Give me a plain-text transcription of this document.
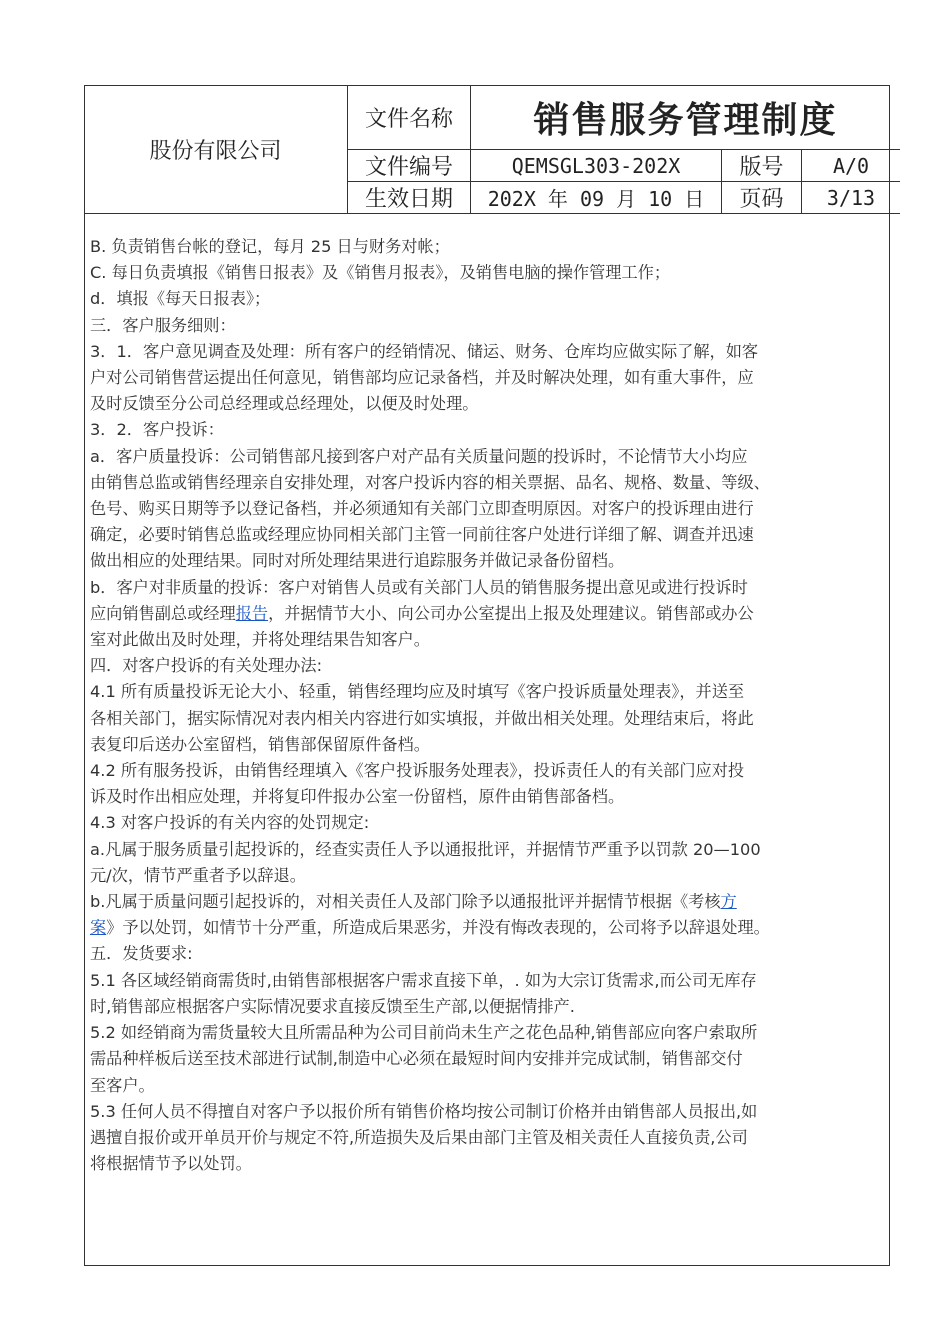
股份有限公司
文件名称	销售服务管理制度
文件编号	QEMSGL303-202X	版号	A/0
生效日期	202X 年 09 月 10 日	页码	3/13

B. 负责销售台帐的登记，每月 25 日与财务对帐；

C. 每日负责填报《销售日报表》及《销售月报表》，及销售电脑的操作管理工作；

d．填报《每天日报表》；

三．客户服务细则：

3．1．客户意见调查及处理：所有客户的经销情况、储运、财务、仓库均应做实际了解，如客

户对公司销售营运提出任何意见，销售部均应记录备档，并及时解决处理，如有重大事件，应

及时反馈至分公司总经理或总经理处，以便及时处理。

3．2．客户投诉：

a．客户质量投诉：公司销售部凡接到客户对产品有关质量问题的投诉时，不论情节大小均应

由销售总监或销售经理亲自安排处理，对客户投诉内容的相关票据、品名、规格、数量、等级、

色号、购买日期等予以登记备档，并必须通知有关部门立即查明原因。对客户的投诉理由进行

确定，必要时销售总监或经理应协同相关部门主管一同前往客户处进行详细了解、调查并迅速

做出相应的处理结果。同时对所处理结果进行追踪服务并做记录备份留档。

b．客户对非质量的投诉：客户对销售人员或有关部门人员的销售服务提出意见或进行投诉时

应向销售副总或经理报告，并据情节大小、向公司办公室提出上报及处理建议。销售部或办公

室对此做出及时处理，并将处理结果告知客户。

四．对客户投诉的有关处理办法:

4.1 所有质量投诉无论大小、轻重，销售经理均应及时填写《客户投诉质量处理表》，并送至

各相关部门，据实际情况对表内相关内容进行如实填报，并做出相关处理。处理结束后，将此

表复印后送办公室留档，销售部保留原件备档。

4.2 所有服务投诉，由销售经理填入《客户投诉服务处理表》，投诉责任人的有关部门应对投

诉及时作出相应处理，并将复印件报办公室一份留档，原件由销售部备档。

4.3 对客户投诉的有关内容的处罚规定:

a.凡属于服务质量引起投诉的，经查实责任人予以通报批评，并据情节严重予以罚款 20—100

元/次，情节严重者予以辞退。

b.凡属于质量问题引起投诉的，对相关责任人及部门除予以通报批评并据情节根据《考核方

案》予以处罚，如情节十分严重，所造成后果恶劣，并没有悔改表现的，公司将予以辞退处理。

五．发货要求:

5.1 各区域经销商需货时,由销售部根据客户需求直接下单，. 如为大宗订货需求,而公司无库存

时,销售部应根据客户实际情况要求直接反馈至生产部,以便据情排产.

5.2 如经销商为需货量较大且所需品种为公司目前尚未生产之花色品种,销售部应向客户索取所

需品种样板后送至技术部进行试制,制造中心必须在最短时间内安排并完成试制，销售部交付

至客户。

5.3 任何人员不得擅自对客户予以报价所有销售价格均按公司制订价格并由销售部人员报出,如

遇擅自报价或开单员开价与规定不符,所造损失及后果由部门主管及相关责任人直接负责,公司

将根据情节予以处罚。
